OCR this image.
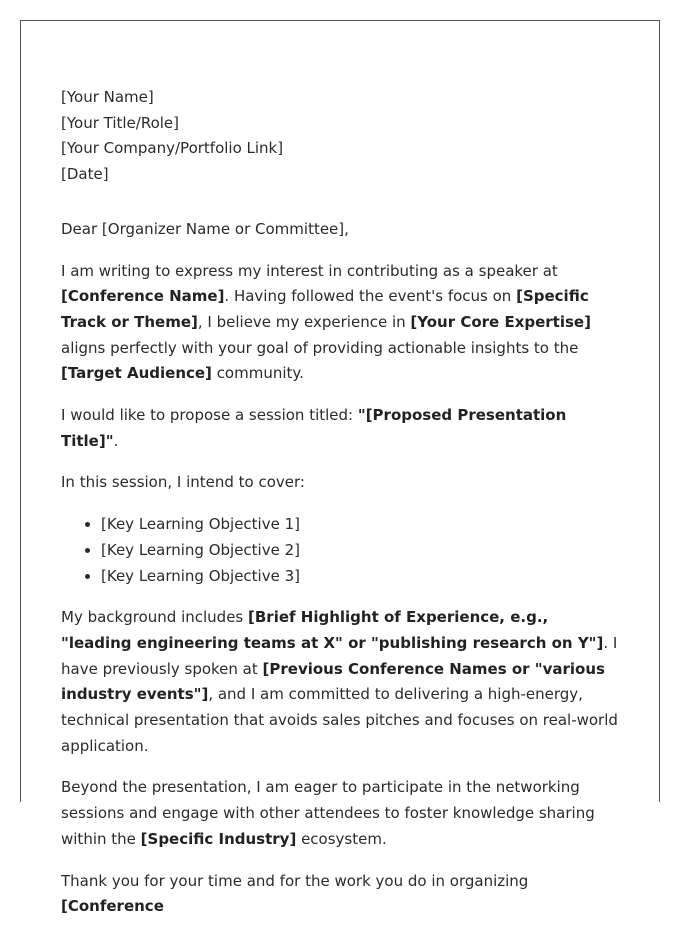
[Your Name]

[Your Title/Role]

[Your Company/Portfolio Link]

[Date]

Dear [Organizer Name or Committee],

I am writing to express my interest in contributing as a speaker at [Conference Name]. Having followed the event's focus on [Specific Track or Theme], I believe my experience in [Your Core Expertise] aligns perfectly with your goal of providing actionable insights to the [Target Audience] community.

I would like to propose a session titled: "[Proposed Presentation Title]".

In this session, I intend to cover:

• [Key Learning Objective 1]
• [Key Learning Objective 2]
• [Key Learning Objective 3]

My background includes [Brief Highlight of Experience, e.g., "leading engineering teams at X" or "publishing research on Y"]. I have previously spoken at [Previous Conference Names or "various industry events"], and I am committed to delivering a high-energy, technical presentation that avoids sales pitches and focuses on real-world application.

Beyond the presentation, I am eager to participate in the networking sessions and engage with other attendees to foster knowledge sharing within the [Specific Industry] ecosystem.

Thank you for your time and for the work you do in organizing [Conference
